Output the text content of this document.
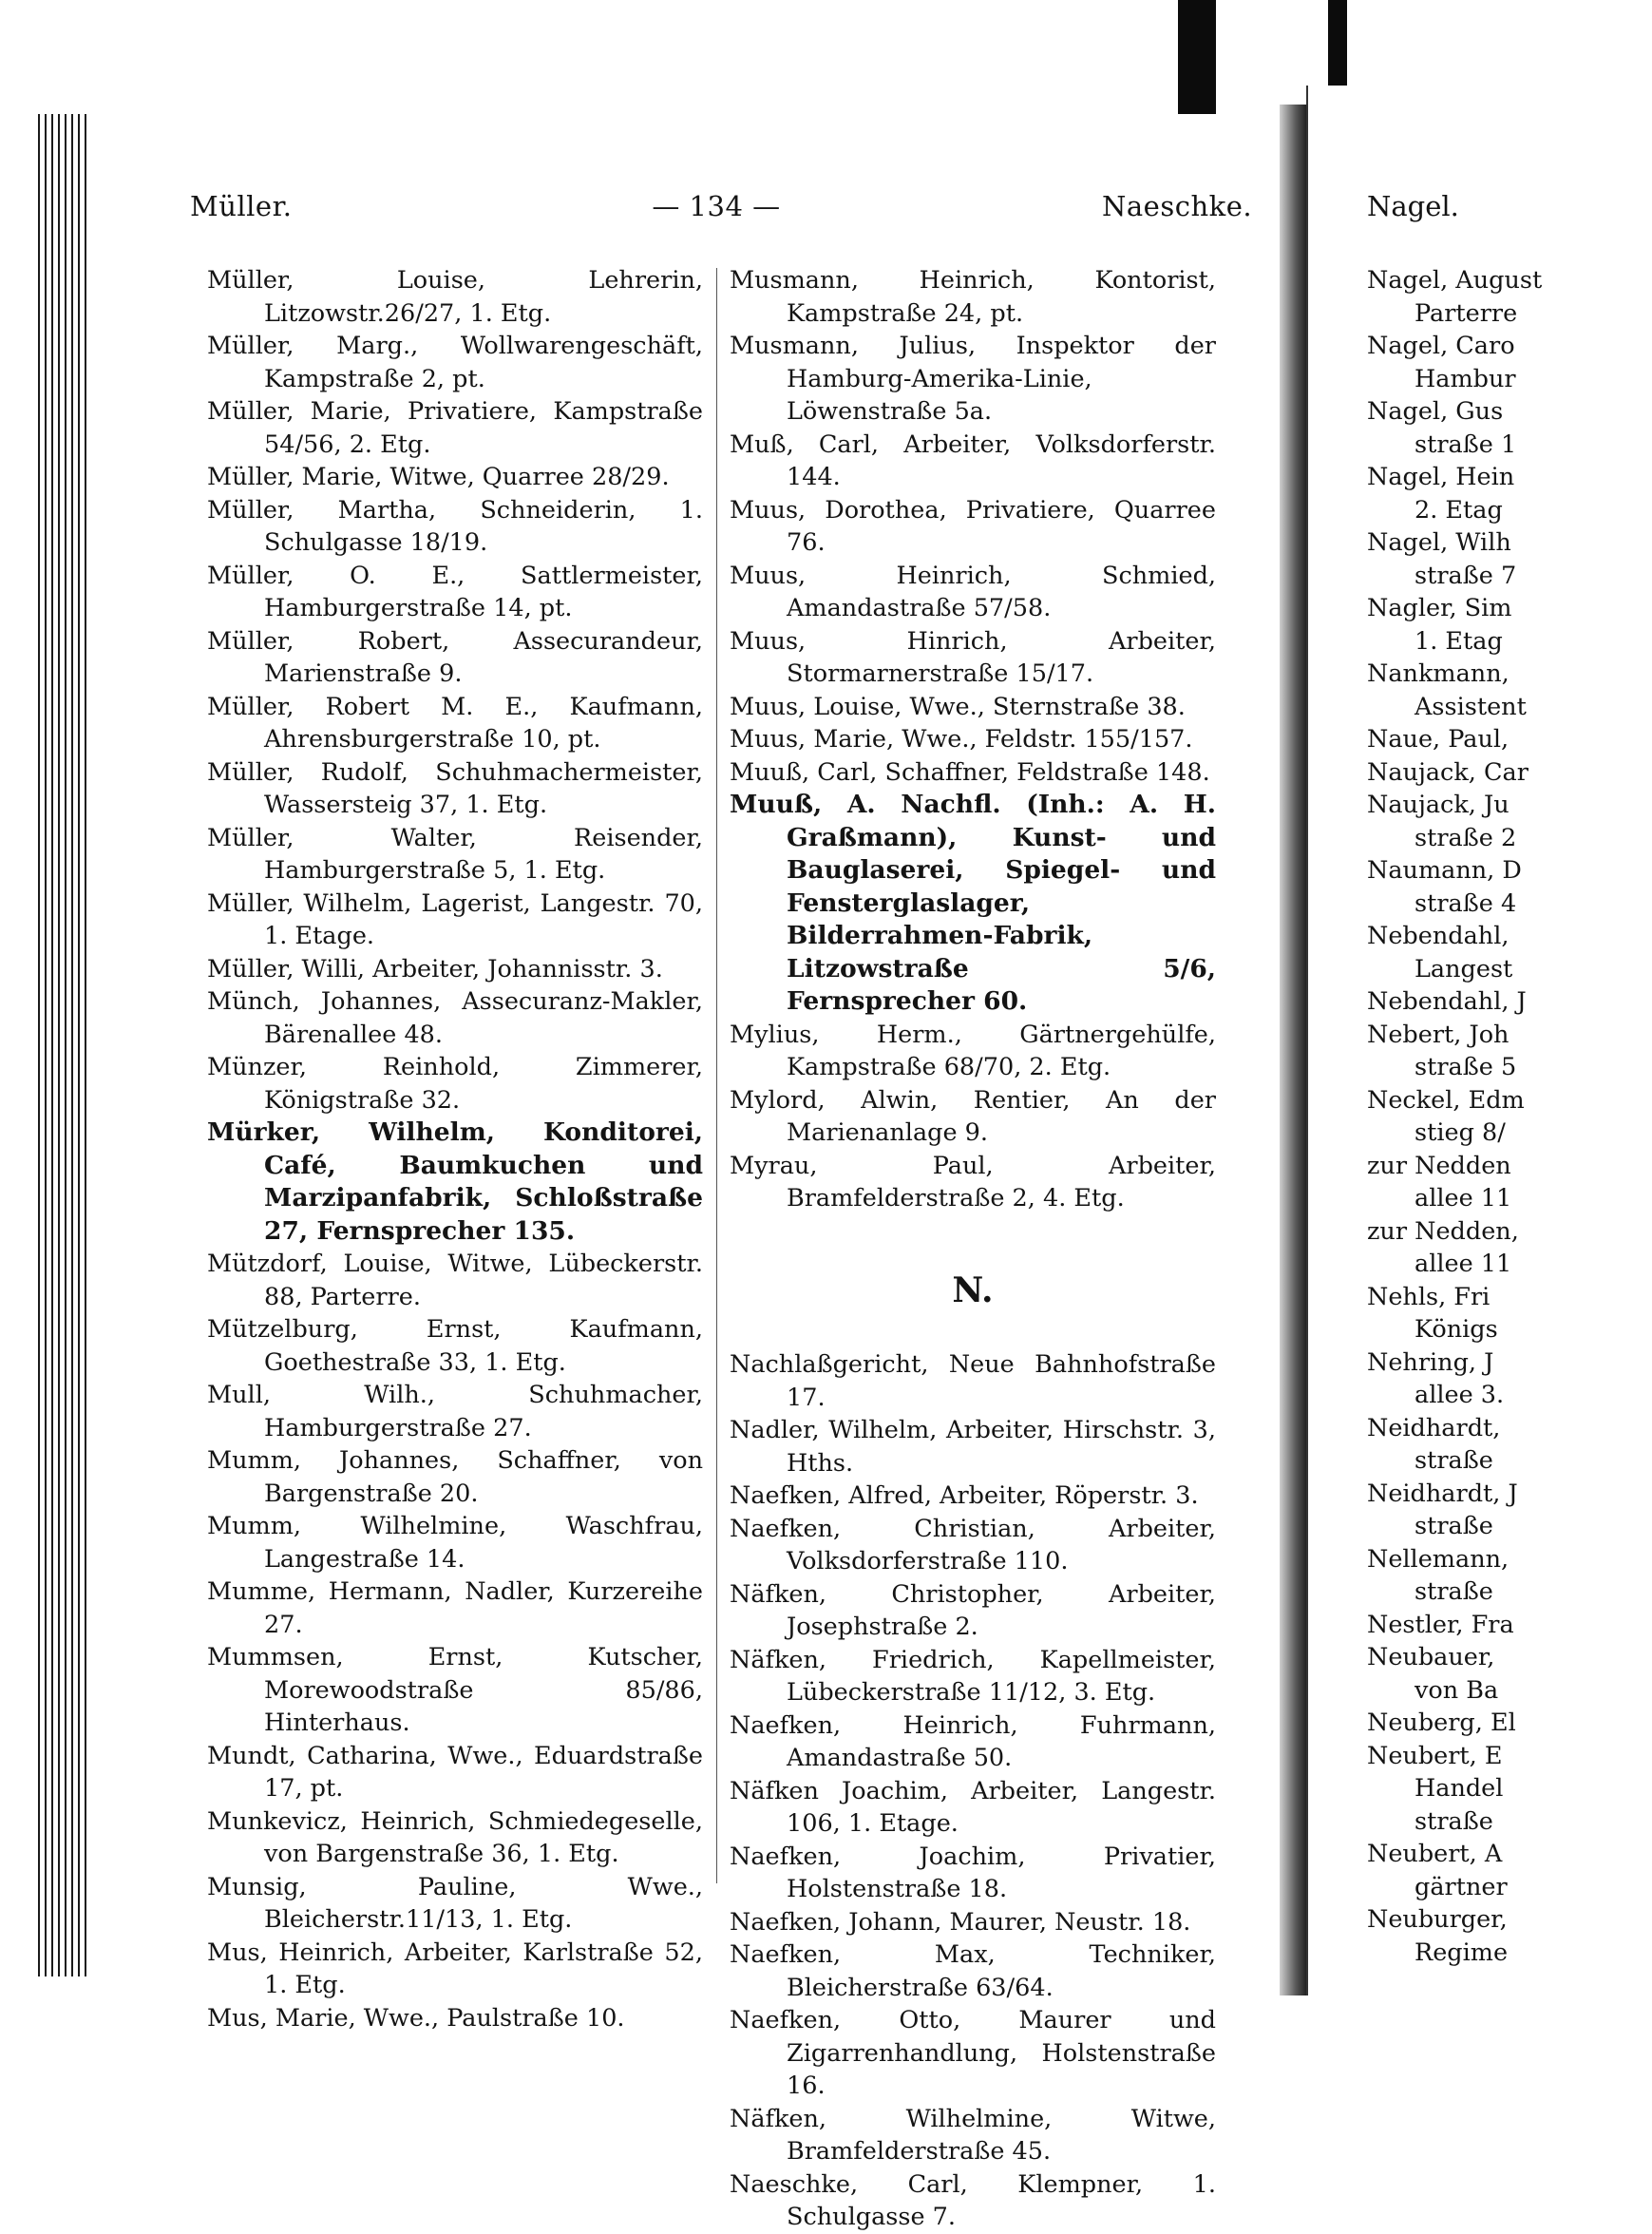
Müller.	— 134 —	Naeschke.

Müller, Louise, Lehrerin, Litzowstr.26/27, 1. Etg.

Müller, Marg., Wollwarengeschäft, Kampstraße 2, pt.

Müller, Marie, Privatiere, Kampstraße 54/56, 2. Etg.

Müller, Marie, Witwe, Quarree 28/29.

Müller, Martha, Schneiderin, 1. Schulgasse 18/19.

Müller, O. E., Sattlermeister, Hamburgerstraße 14, pt.

Müller, Robert, Assecurandeur, Marienstraße 9.

Müller, Robert M. E., Kaufmann, Ahrensburgerstraße 10, pt.

Müller, Rudolf, Schuhmachermeister, Wassersteig 37, 1. Etg.

Müller, Walter, Reisender, Hamburgerstraße 5, 1. Etg.

Müller, Wilhelm, Lagerist, Langestr. 70, 1. Etage.

Müller, Willi, Arbeiter, Johannisstr. 3.

Münch, Johannes, Assecuranz-Makler, Bärenallee 48.

Münzer, Reinhold, Zimmerer, Königstraße 32.

Mürker, Wilhelm, Konditorei, Café, Baumkuchen und Marzipanfabrik, Schloßstraße 27, Fernsprecher 135.

Mützdorf, Louise, Witwe, Lübeckerstr. 88, Parterre.

Mützelburg, Ernst, Kaufmann, Goethestraße 33, 1. Etg.

Mull, Wilh., Schuhmacher, Hamburgerstraße 27.

Mumm, Johannes, Schaffner, von Bargenstraße 20.

Mumm, Wilhelmine, Waschfrau, Langestraße 14.

Mumme, Hermann, Nadler, Kurzereihe 27.

Mummsen, Ernst, Kutscher, Morewoodstraße 85/86, Hinterhaus.

Mundt, Catharina, Wwe., Eduardstraße 17, pt.

Munkevicz, Heinrich, Schmiedegeselle, von Bargenstraße 36, 1. Etg.

Munsig, Pauline, Wwe., Bleicherstr.11/13, 1. Etg.

Mus, Heinrich, Arbeiter, Karlstraße 52, 1. Etg.

Mus, Marie, Wwe., Paulstraße 10.

Musmann, Heinrich, Kontorist, Kampstraße 24, pt.

Musmann, Julius, Inspektor der Hamburg-Amerika-Linie, Löwenstraße 5a.

Muß, Carl, Arbeiter, Volksdorferstr. 144.

Muus, Dorothea, Privatiere, Quarree 76.

Muus, Heinrich, Schmied, Amandastraße 57/58.

Muus, Hinrich, Arbeiter, Stormarnerstraße 15/17.

Muus, Louise, Wwe., Sternstraße 38.

Muus, Marie, Wwe., Feldstr. 155/157.

Muuß, Carl, Schaffner, Feldstraße 148.

Muuß, A. Nachfl. (Inh.: A. H. Graßmann), Kunst- und Bauglaserei, Spiegel- und Fensterglaslager, Bilderrahmen-Fabrik, Litzowstraße 5/6, Fernsprecher 60.

Mylius, Herm., Gärtnergehülfe, Kampstraße 68/70, 2. Etg.

Mylord, Alwin, Rentier, An der Marienanlage 9.

Myrau, Paul, Arbeiter, Bramfelderstraße 2, 4. Etg.

N.

Nachlaßgericht, Neue Bahnhofstraße 17.

Nadler, Wilhelm, Arbeiter, Hirschstr. 3, Hths.

Naefken, Alfred, Arbeiter, Röperstr. 3.

Naefken, Christian, Arbeiter, Volksdorferstraße 110.

Näfken, Christopher, Arbeiter, Josephstraße 2.

Näfken, Friedrich, Kapellmeister, Lübeckerstraße 11/12, 3. Etg.

Naefken, Heinrich, Fuhrmann, Amandastraße 50.

Näfken Joachim, Arbeiter, Langestr. 106, 1. Etage.

Naefken, Joachim, Privatier, Holstenstraße 18.

Naefken, Johann, Maurer, Neustr. 18.

Naefken, Max, Techniker, Bleicherstraße 63/64.

Naefken, Otto, Maurer und Zigarrenhandlung, Holstenstraße 16.

Näfken, Wilhelmine, Witwe, Bramfelderstraße 45.

Naeschke, Carl, Klempner, 1. Schulgasse 7.

Nagel.
Nagel, August
Parterre
Nagel, Caro
Hambur
Nagel, Gus
straße 1
Nagel, Hein
2. Etag
Nagel, Wilh
straße 7
Nagler, Sim
1. Etag
Nankmann,
Assistent
Naue, Paul,
Naujack, Car
Naujack, Ju
straße 2
Naumann, D
straße 4
Nebendahl,
Langest
Nebendahl, J
Nebert, Joh
straße 5
Neckel, Edm
stieg 8/
zur Nedden
allee 11
zur Nedden,
allee 11
Nehls, Fri
Königs
Nehring, J
allee 3.
Neidhardt,
straße
Neidhardt, J
straße
Nellemann,
straße
Nestler, Fra
Neubauer,
von Ba
Neuberg, El
Neubert, E
Handel
straße
Neubert, A
gärtner
Neuburger,
Regime
